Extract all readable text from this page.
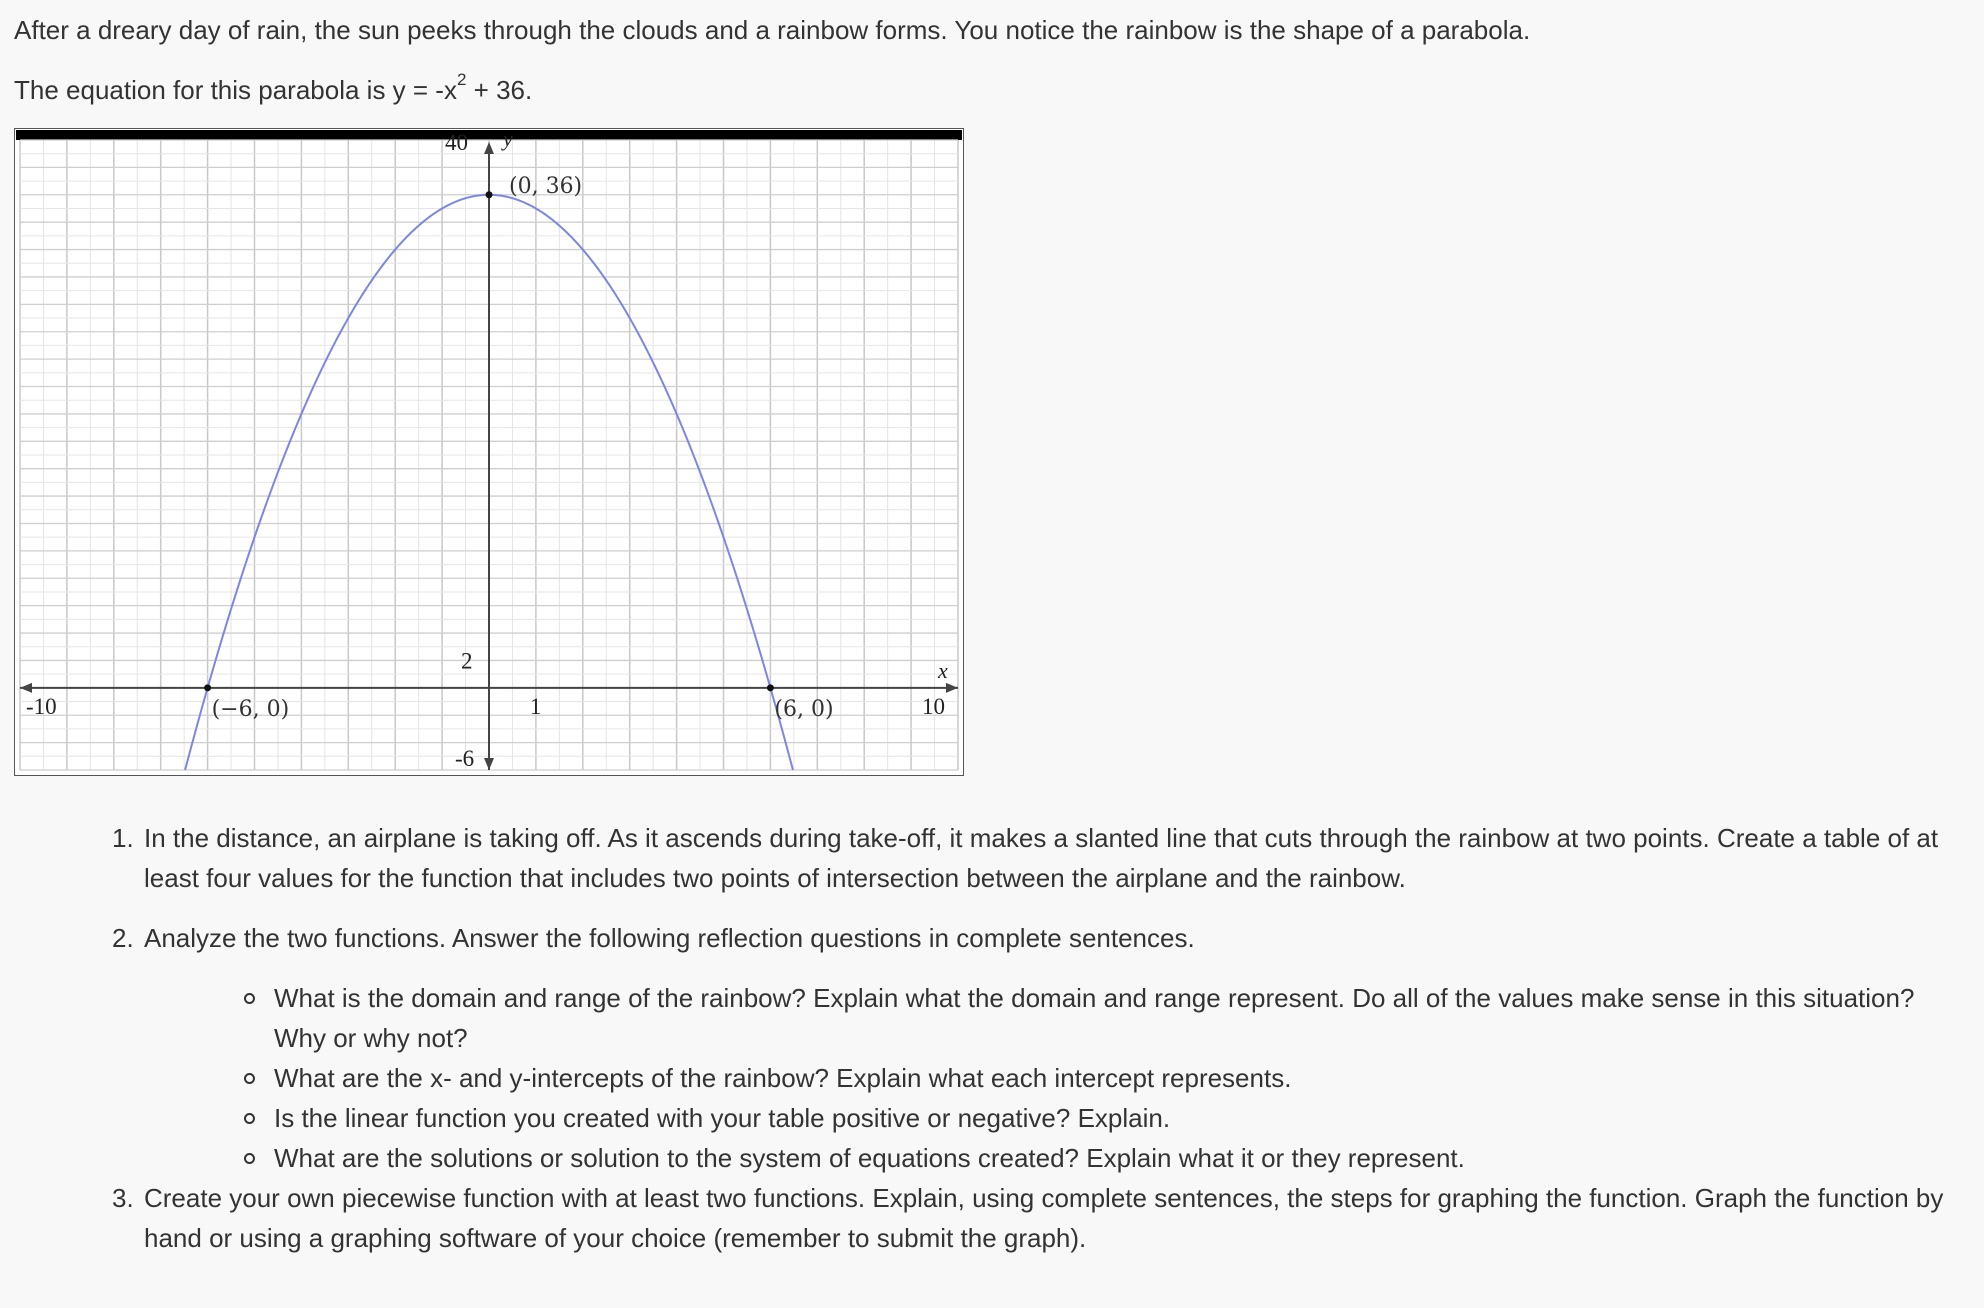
After a dreary day of rain, the sun peeks through the clouds and a rainbow forms. You notice the rainbow is the shape of a parabola.

The equation for this parabola is $y = -x^2 + 36$.

(0, 36)
(−6, 0)	(6, 0)
40 y
2
-6
-10	10
1
x
1. In the distance, an airplane is taking off. As it ascends during take-off, it makes a slanted line that cuts through the rainbow at two points. Create a table of at least four values for the function that includes two points of intersection between the airplane and the rainbow.
2. Analyze the two functions. Answer the following reflection questions in complete sentences.
What is the domain and range of the rainbow? Explain what the domain and range represent. Do all of the values make sense in this situation? Why or why not?
What are the x- and y-intercepts of the rainbow? Explain what each intercept represents.
Is the linear function you created with your table positive or negative? Explain.
What are the solutions or solution to the system of equations created? Explain what it or they represent.
3. Create your own piecewise function with at least two functions. Explain, using complete sentences, the steps for graphing the function. Graph the function by hand or using a graphing software of your choice (remember to submit the graph).
